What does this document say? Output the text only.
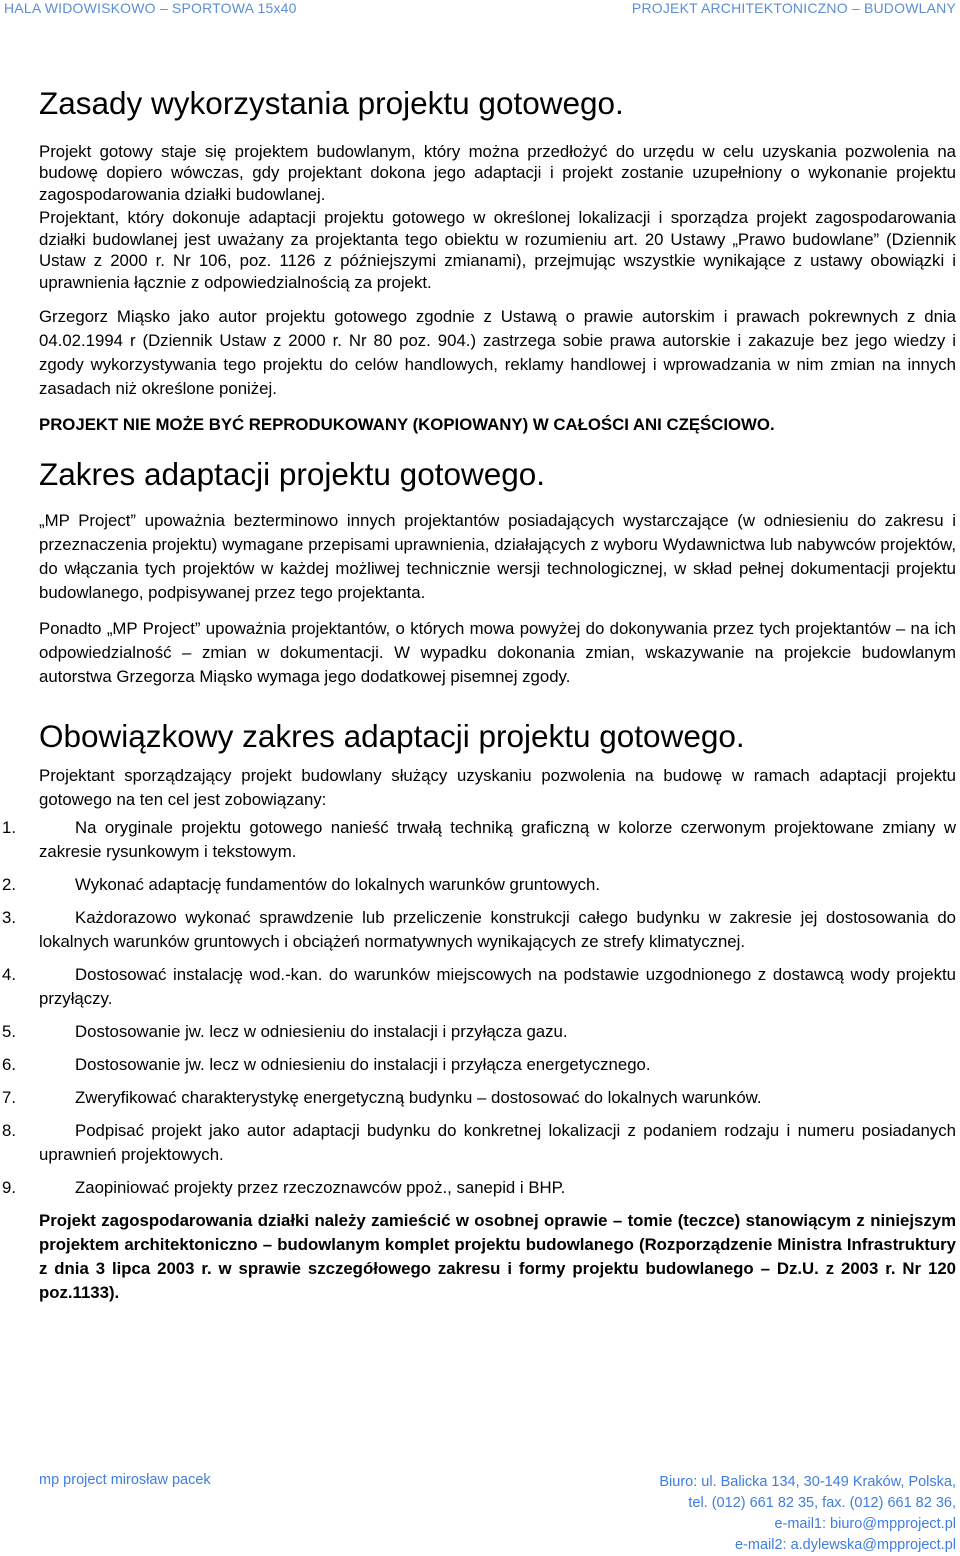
HALA WIDOWISKOWO – SPORTOWA 15x40	PROJEKT ARCHITEKTONICZNO – BUDOWLANY
Zasady wykorzystania projektu gotowego.

Projekt gotowy staje się projektem budowlanym, który można przedłożyć do urzędu w celu uzyskania pozwolenia na budowę dopiero wówczas, gdy projektant dokona jego adaptacji i projekt zostanie uzupełniony o wykonanie projektu zagospodarowania działki budowlanej.

Projektant, który dokonuje adaptacji projektu gotowego w określonej lokalizacji i sporządza projekt zagospodarowania działki budowlanej jest uważany za projektanta tego obiektu w rozumieniu art. 20 Ustawy „Prawo budowlane” (Dziennik Ustaw z 2000 r. Nr 106, poz. 1126 z późniejszymi zmianami), przejmując wszystkie wynikające z ustawy obowiązki i uprawnienia łącznie z odpowiedzialnością za projekt.

Grzegorz Miąsko jako autor projektu gotowego zgodnie z Ustawą o prawie autorskim i prawach pokrewnych z dnia 04.02.1994 r (Dziennik Ustaw z 2000 r. Nr 80 poz. 904.) zastrzega sobie prawa autorskie i zakazuje bez jego wiedzy i zgody wykorzystywania tego projektu do celów handlowych, reklamy handlowej i wprowadzania w nim zmian na innych zasadach niż określone poniżej.

PROJEKT NIE MOŻE BYĆ REPRODUKOWANY (KOPIOWANY) W CAŁOŚCI ANI CZĘŚCIOWO.

Zakres adaptacji projektu gotowego.

„MP Project” upoważnia bezterminowo innych projektantów posiadających wystarczające (w odniesieniu do zakresu i przeznaczenia projektu) wymagane przepisami uprawnienia, działających z wyboru Wydawnictwa lub nabywców projektów, do włączania tych projektów w każdej możliwej technicznie wersji technologicznej, w skład pełnej dokumentacji projektu budowlanego, podpisywanej przez tego projektanta.

Ponadto „MP Project” upoważnia projektantów, o których mowa powyżej do dokonywania przez tych projektantów – na ich odpowiedzialność – zmian w dokumentacji. W wypadku dokonania zmian, wskazywanie na projekcie budowlanym autorstwa Grzegorza Miąsko wymaga jego dodatkowej pisemnej zgody.

Obowiązkowy zakres adaptacji projektu gotowego.

Projektant sporządzający projekt budowlany służący uzyskaniu pozwolenia na budowę w ramach adaptacji projektu gotowego na ten cel jest zobowiązany:

1.	Na oryginale projektu gotowego nanieść trwałą techniką graficzną w kolorze czerwonym projektowane zmiany w zakresie rysunkowym i tekstowym.
2.	Wykonać adaptację fundamentów do lokalnych warunków gruntowych.
3.	Każdorazowo wykonać sprawdzenie lub przeliczenie konstrukcji całego budynku w zakresie jej dostosowania do lokalnych warunków gruntowych i obciążeń normatywnych wynikających ze strefy klimatycznej.
4.	Dostosować instalację wod.-kan. do warunków miejscowych na podstawie uzgodnionego z dostawcą wody projektu przyłączy.
5.	Dostosowanie jw. lecz w odniesieniu do instalacji i przyłącza gazu.
6.	Dostosowanie jw. lecz w odniesieniu do instalacji i przyłącza energetycznego.
7.	Zweryfikować charakterystykę energetyczną budynku – dostosować do lokalnych warunków.
8.	Podpisać projekt jako autor adaptacji budynku do konkretnej lokalizacji z podaniem rodzaju i numeru posiadanych uprawnień projektowych.
9.	Zaopiniować projekty przez rzeczoznawców ppoż., sanepid i BHP.

Projekt zagospodarowania działki należy zamieścić w osobnej oprawie – tomie (teczce) stanowiącym z niniejszym projektem architektoniczno – budowlanym komplet projektu budowlanego (Rozporządzenie Ministra Infrastruktury z dnia 3 lipca 2003 r. w sprawie szczegółowego zakresu i formy projektu budowlanego – Dz.U. z 2003 r. Nr 120 poz.1133).

mp project mirosław pacek	Biuro: ul. Balicka 134, 30-149 Kraków, Polska,
tel. (012) 661 82 35, fax. (012) 661 82 36,
e-mail1: biuro@mpproject.pl
e-mail2: a.dylewska@mpproject.pl
